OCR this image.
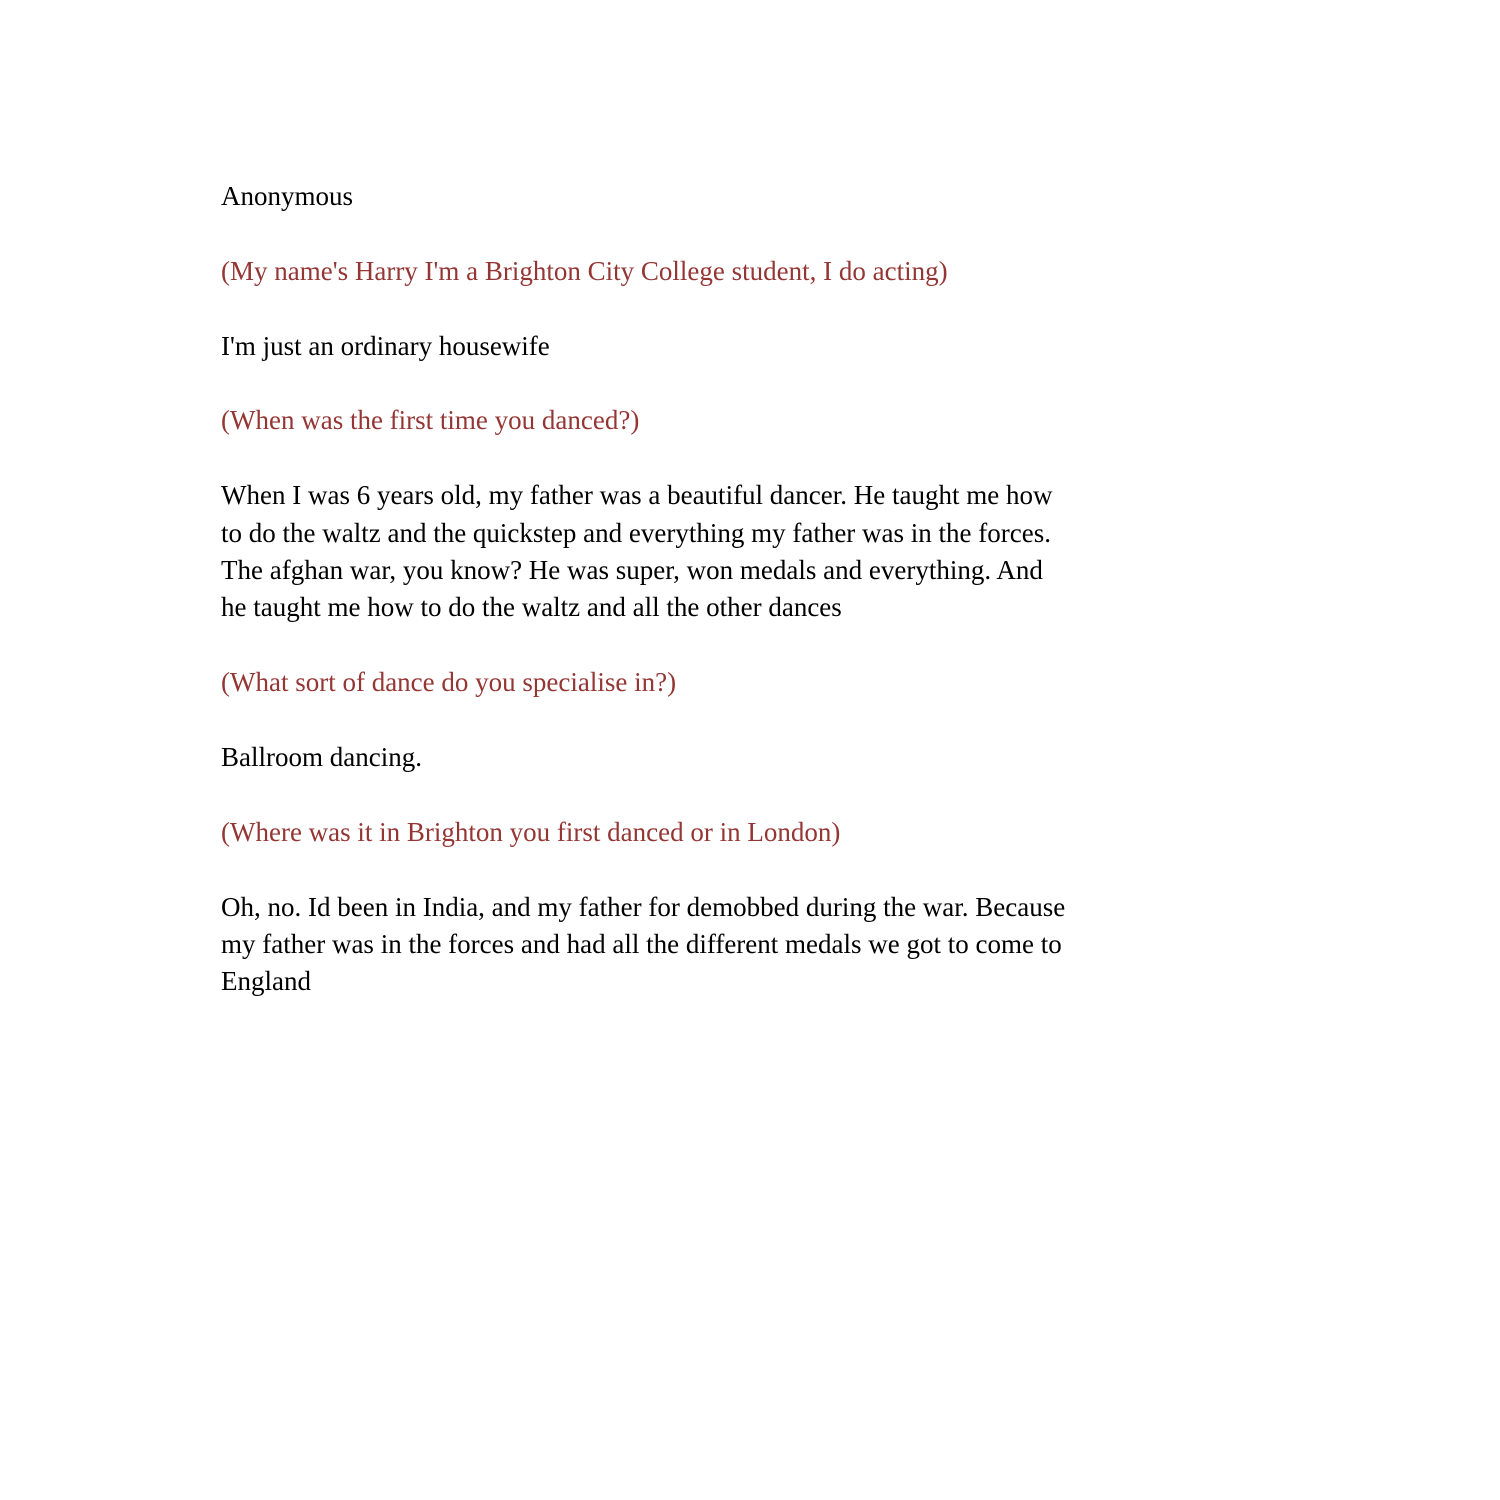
Anonymous

(My name's Harry I'm a Brighton City College student, I do acting)

I'm just an ordinary housewife

(When was the first time you danced?)

When I was 6 years old, my father was a beautiful dancer. He taught me how
to do the waltz and the quickstep and everything my father was in the forces.
The afghan war, you know? He was super, won medals and everything. And
he taught me how to do the waltz and all the other dances

(What sort of dance do you specialise in?)

Ballroom dancing.

(Where was it in Brighton you first danced or in London)

Oh, no. Id been in India, and my father for demobbed during the war. Because
my father was in the forces and had all the different medals we got to come to
England
